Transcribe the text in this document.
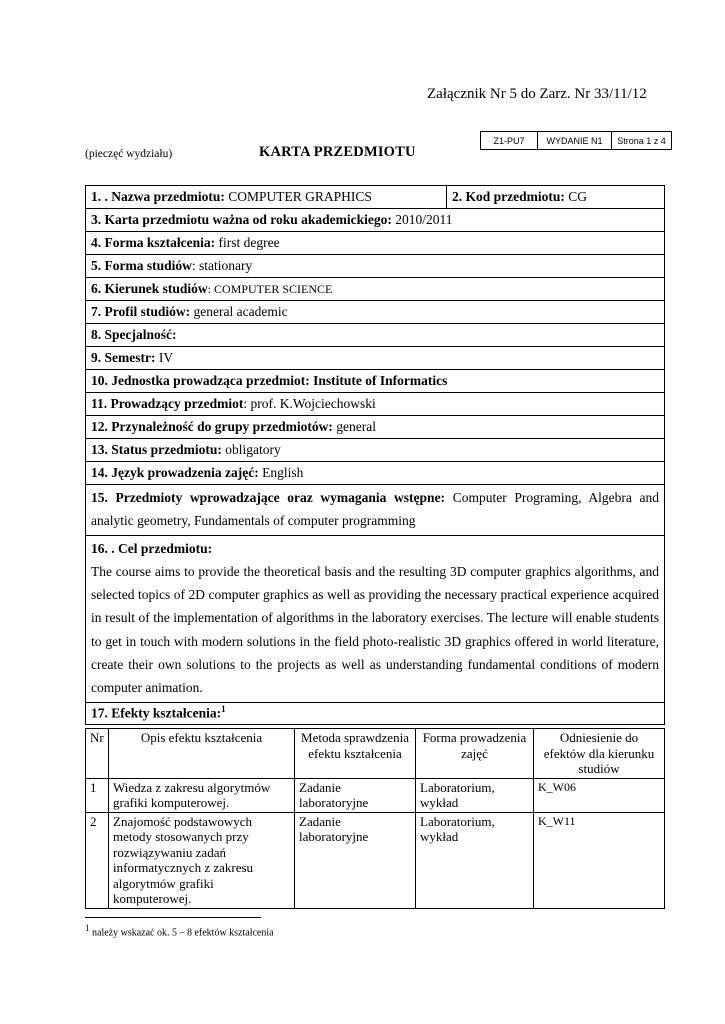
Załącznik Nr 5 do Zarz. Nr 33/11/12
(pieczęć wydziału)	KARTA PRZEDMIOTU
Z1-PU7	WYDANIE N1	Strona 1 z 4
1. . Nazwa przedmiotu: COMPUTER GRAPHICS	2. Kod przedmiotu: CG
3. Karta przedmiotu ważna od roku akademickiego: 2010/2011
4. Forma kształcenia: first degree
5. Forma studiów: stationary
6. Kierunek studiów: COMPUTER SCIENCE
7. Profil studiów: general academic
8. Specjalność:
9. Semestr: IV
10. Jednostka prowadząca przedmiot: Institute of Informatics
11. Prowadzący przedmiot: prof. K.Wojciechowski
12. Przynależność do grupy przedmiotów: general
13. Status przedmiotu: obligatory
14. Język prowadzenia zajęć: English
15. Przedmioty wprowadzające oraz wymagania wstępne: Computer Programing, Algebra and analytic geometry, Fundamentals of computer programming

16. . Cel przedmiotu:
The course aims to provide the theoretical basis and the resulting 3D computer graphics algorithms, and selected topics of 2D computer graphics as well as providing the necessary practical experience acquired in result of the implementation of algorithms in the laboratory exercises. The lecture will enable students to get in touch with modern solutions in the field photo-realistic 3D graphics offered in world literature, create their own solutions to the projects as well as understanding fundamental conditions of modern computer animation.

17. Efekty kształcenia:$^1$
Nr	Opis efektu kształcenia	Metoda sprawdzenia efektu kształcenia	Forma prowadzenia zajęć	Odniesienie do efektów dla kierunku studiów
1	Wiedza z zakresu algorytmów grafiki komputerowej.	Zadanie laboratoryjne	Laboratorium, wykład	K_W06
2	Znajomość podstawowych metody stosowanych przy rozwiązywaniu zadań informatycznych z zakresu algorytmów grafiki komputerowej.	Zadanie laboratoryjne	Laboratorium, wykład	K_W11
$^1$ należy wskazać ok. 5 – 8 efektów kształcenia
